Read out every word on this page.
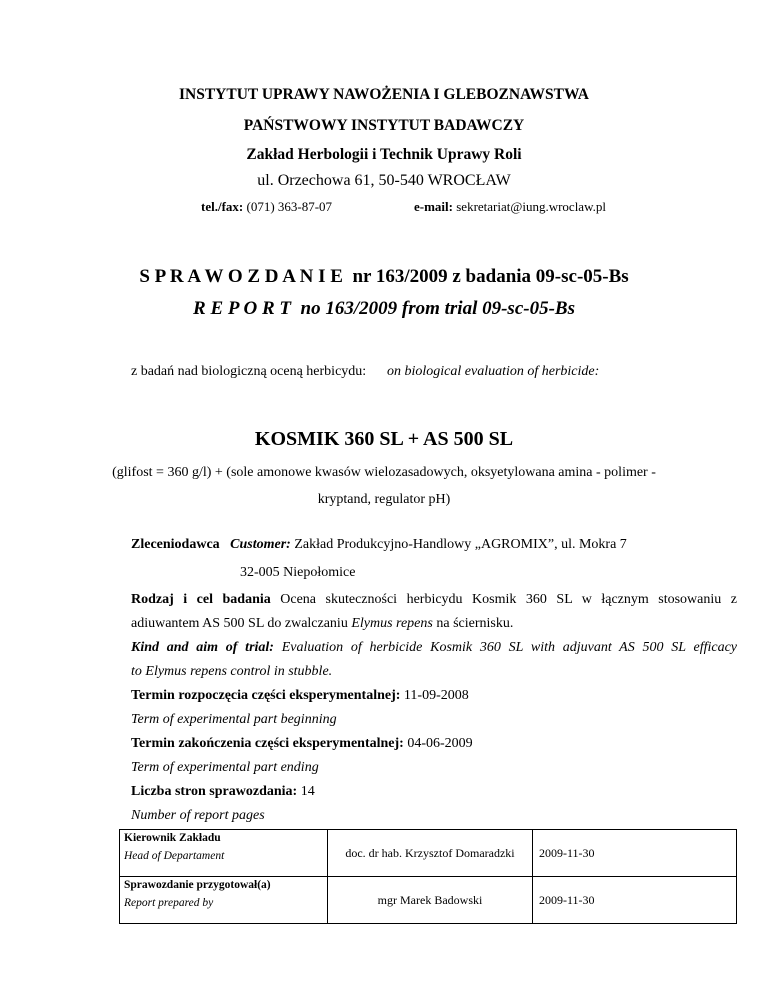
INSTYTUT UPRAWY NAWOŻENIA I GLEBOZNAWSTWA
PAŃSTWOWY INSTYTUT BADAWCZY
Zakład Herbologii i Technik Uprawy Roli
ul. Orzechowa 61, 50-540 WROCŁAW
tel./fax: (071) 363-87-07	e-mail: sekretariat@iung.wroclaw.pl
S P R A W O Z D A N I E nr 163/2009 z badania 09-sc-05-Bs
R E P O R T no 163/2009 from trial 09-sc-05-Bs
z badań nad biologiczną oceną herbicydu: on biological evaluation of herbicide:
KOSMIK 360 SL + AS 500 SL
(glifost = 360 g/l) + (sole amonowe kwasów wielozasadowych, oksyetylowana amina - polimer -
kryptand, regulator pH)
Zleceniodawca Customer: Zakład Produkcyjno-Handlowy „AGROMIX”, ul. Mokra 7
32-005 Niepołomice
Rodzaj i cel badania Ocena skuteczności herbicydu Kosmik 360 SL w łącznym stosowaniu z
adiuwantem AS 500 SL do zwalczaniu Elymus repens na ściernisku.
Kind and aim of trial: Evaluation of herbicide Kosmik 360 SL with adjuvant AS 500 SL efficacy
to Elymus repens control in stubble.
Termin rozpoczęcia części eksperymentalnej: 11-09-2008
Term of experimental part beginning
Termin zakończenia części eksperymentalnej: 04-06-2009
Term of experimental part ending
Liczba stron sprawozdania: 14
Kierownik Zakładu
Head of Departament	doc. dr hab. Krzysztof Domaradzki	2009-11-30

Sprawozdanie przygotował(a)
Report prepared by	mgr Marek Badowski	2009-11-30
Number of report pages
